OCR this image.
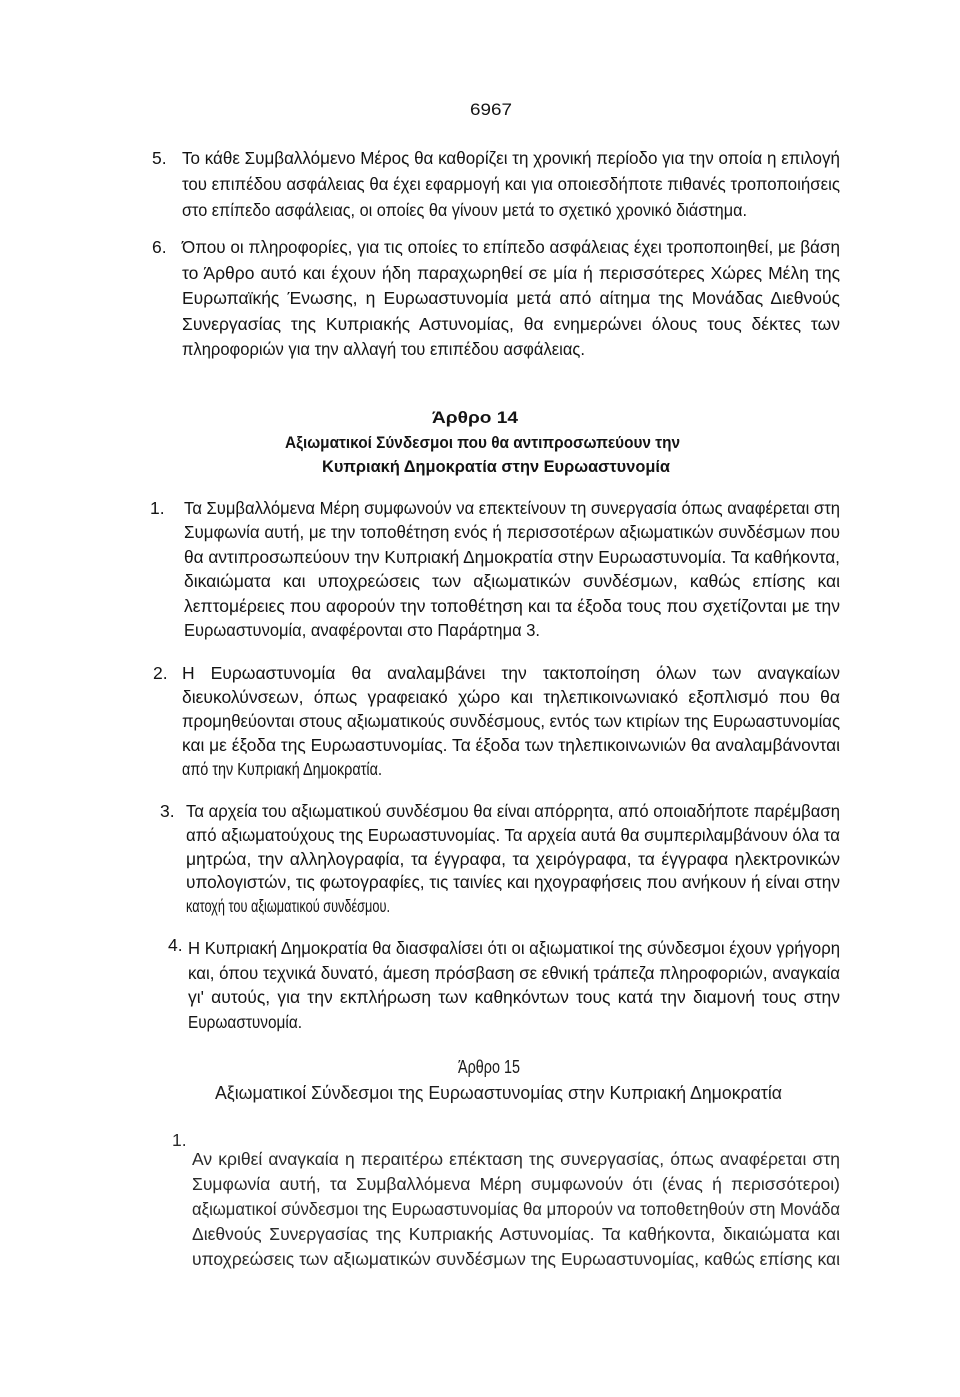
6967
5. Το κάθε Συμβαλλόμενο Μέρος θα καθορίζει τη χρονική περίοδο για την οποία η επιλογή
του επιπέδου ασφάλειας θα έχει εφαρμογή και για οποιεσδήποτε πιθανές τροποποιήσεις
στο επίπεδο ασφάλειας, οι οποίες θα γίνουν μετά το σχετικό χρονικό διάστημα.
6. Όπου οι πληροφορίες, για τις οποίες το επίπεδο ασφάλειας έχει τροποποιηθεί, με βάση
το Άρθρο αυτό και έχουν ήδη παραχωρηθεί σε μία ή περισσότερες Χώρες Μέλη της
Ευρωπαϊκής Ένωσης, η Ευρωαστυνομία μετά από αίτημα της Μονάδας Διεθνούς
Συνεργασίας της Κυπριακής Αστυνομίας, θα ενημερώνει όλους τους δέκτες των
πληροφοριών για την αλλαγή του επιπέδου ασφάλειας.
Άρθρο 14
Αξιωματικοί Σύνδεσμοι που θα αντιπροσωπεύουν την
Κυπριακή Δημοκρατία στην Ευρωαστυνομία
1. Τα Συμβαλλόμενα Μέρη συμφωνούν να επεκτείνουν τη συνεργασία όπως αναφέρεται στη
Συμφωνία αυτή, με την τοποθέτηση ενός ή περισσοτέρων αξιωματικών συνδέσμων που
θα αντιπροσωπεύουν την Κυπριακή Δημοκρατία στην Ευρωαστυνομία. Τα καθήκοντα,
δικαιώματα και υποχρεώσεις των αξιωματικών συνδέσμων, καθώς επίσης και
λεπτομέρειες που αφορούν την τοποθέτηση και τα έξοδα τους που σχετίζονται με την
Ευρωαστυνομία, αναφέρονται στο Παράρτημα 3.
2. Η Ευρωαστυνομία θα αναλαμβάνει την τακτοποίηση όλων των αναγκαίων
διευκολύνσεων, όπως γραφειακό χώρο και τηλεπικοινωνιακό εξοπλισμό που θα
προμηθεύονται στους αξιωματικούς συνδέσμους, εντός των κτιρίων της Ευρωαστυνομίας
και με έξοδα της Ευρωαστυνομίας. Τα έξοδα των τηλεπικοινωνιών θα αναλαμβάνονται
από την Κυπριακή Δημοκρατία.
3. Τα αρχεία του αξιωματικού συνδέσμου θα είναι απόρρητα, από οποιαδήποτε παρέμβαση
από αξιωματούχους της Ευρωαστυνομίας. Τα αρχεία αυτά θα συμπεριλαμβάνουν όλα τα
μητρώα, την αλληλογραφία, τα έγγραφα, τα χειρόγραφα, τα έγγραφα ηλεκτρονικών
υπολογιστών, τις φωτογραφίες, τις ταινίες και ηχογραφήσεις που ανήκουν ή είναι στην
κατοχή του αξιωματικού συνδέσμου.
4. Η Κυπριακή Δημοκρατία θα διασφαλίσει ότι οι αξιωματικοί της σύνδεσμοι έχουν γρήγορη
και, όπου τεχνικά δυνατό, άμεση πρόσβαση σε εθνική τράπεζα πληροφοριών, αναγκαία
γι' αυτούς, για την εκπλήρωση των καθηκόντων τους κατά την διαμονή τους στην
Ευρωαστυνομία.
Άρθρο 15
Αξιωματικοί Σύνδεσμοι της Ευρωαστυνομίας στην Κυπριακή Δημοκρατία
1.
Αν κριθεί αναγκαία η περαιτέρω επέκταση της συνεργασίας, όπως αναφέρεται στη
Συμφωνία αυτή, τα Συμβαλλόμενα Μέρη συμφωνούν ότι (ένας ή περισσότεροι)
αξιωματικοί σύνδεσμοι της Ευρωαστυνομίας θα μπορούν να τοποθετηθούν στη Μονάδα
Διεθνούς Συνεργασίας της Κυπριακής Αστυνομίας. Τα καθήκοντα, δικαιώματα και
υποχρεώσεις των αξιωματικών συνδέσμων της Ευρωαστυνομίας, καθώς επίσης και
